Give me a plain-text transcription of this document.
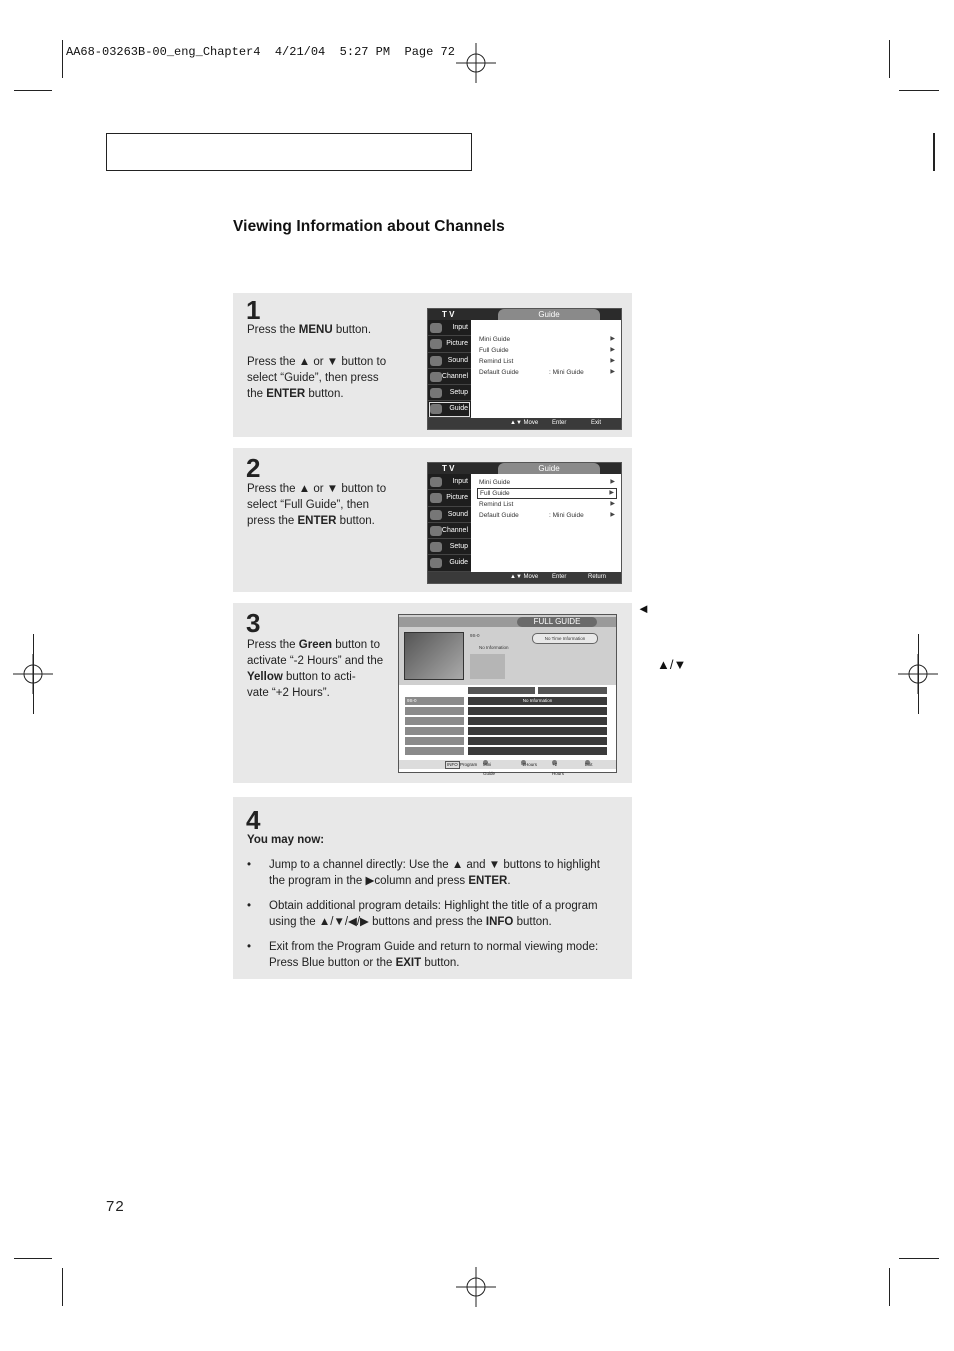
AA68-03263B-00_eng_Chapter4 4/21/04 5:27 PM Page 72
Viewing Information about Channels
1
Press the MENU button.
Press the ▲ or ▼ button to
select “Guide”, then press
the ENTER button.
T V	Guide
Input
Picture
Sound
Channel
Setup
Guide
Mini Guide	▶
Full Guide	▶
Remind List	▶
Default Guide	: Mini Guide	▶
▲▼ Move Enter	Exit
2
Press the ▲ or ▼ button to
select “Full Guide”, then
press the ENTER button.
T V	Guide
Input
Picture
Sound
Channel
Setup
Guide
Mini Guide	▶
Full Guide	▶
Remind List	▶
Default Guide	: Mini Guide	▶
▲▼ Move Enter	Return
3
Press the Green button to
activate “-2 Hours” and the
Yellow button to acti-
vate “+2 Hours”.
FULL GUIDE
9S-0
No Information
No Time Information
9S-0	No Information
INFO Program Mini Guide
-2Hours	+2 Hours
Exit
◄
▲/▼
4
You may now:
• Jump to a channel directly: Use the ▲ and ▼ buttons to highlight
the program in the ▶column and press ENTER.
• Obtain additional program details: Highlight the title of a program
using the ▲/▼/◀/▶ buttons and press the INFO button.
• Exit from the Program Guide and return to normal viewing mode:
Press Blue button or the EXIT button.
72
